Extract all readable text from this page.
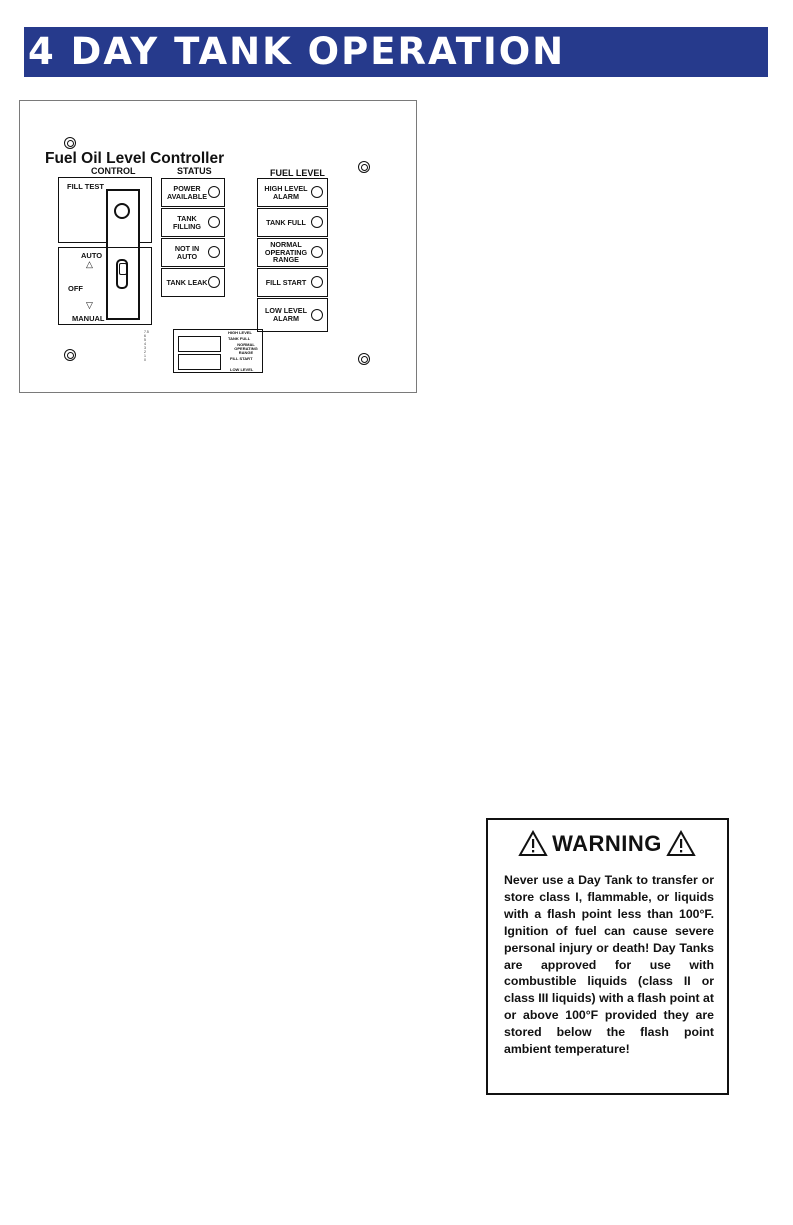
4 DAY TANK OPERATION
Fuel Oil Level Controller
CONTROL
FILL TEST
AUTO
△
OFF
▽
MANUAL
STATUS
POWER AVAILABLE
TANK FILLING
NOT IN AUTO
TANK LEAK
FUEL LEVEL
HIGH LEVEL ALARM
TANK FULL
NORMAL OPERATING RANGE
FILL START
LOW LEVEL ALARM
7.5
6
5
4
3
2
1
0
HIGH LEVEL
TANK FULL
NORMAL OPERATING RANGE
FILL START
LOW LEVEL
WARNING
Never use a Day Tank to transfer or store class I, flammable, or liquids with a flash point less than 100°F. Ignition of fuel can cause severe personal injury or death! Day Tanks are approved for use with combustible liquids (class II or class III liquids) with a flash point at or above 100°F provided they are stored below the flash point ambient temperature!
